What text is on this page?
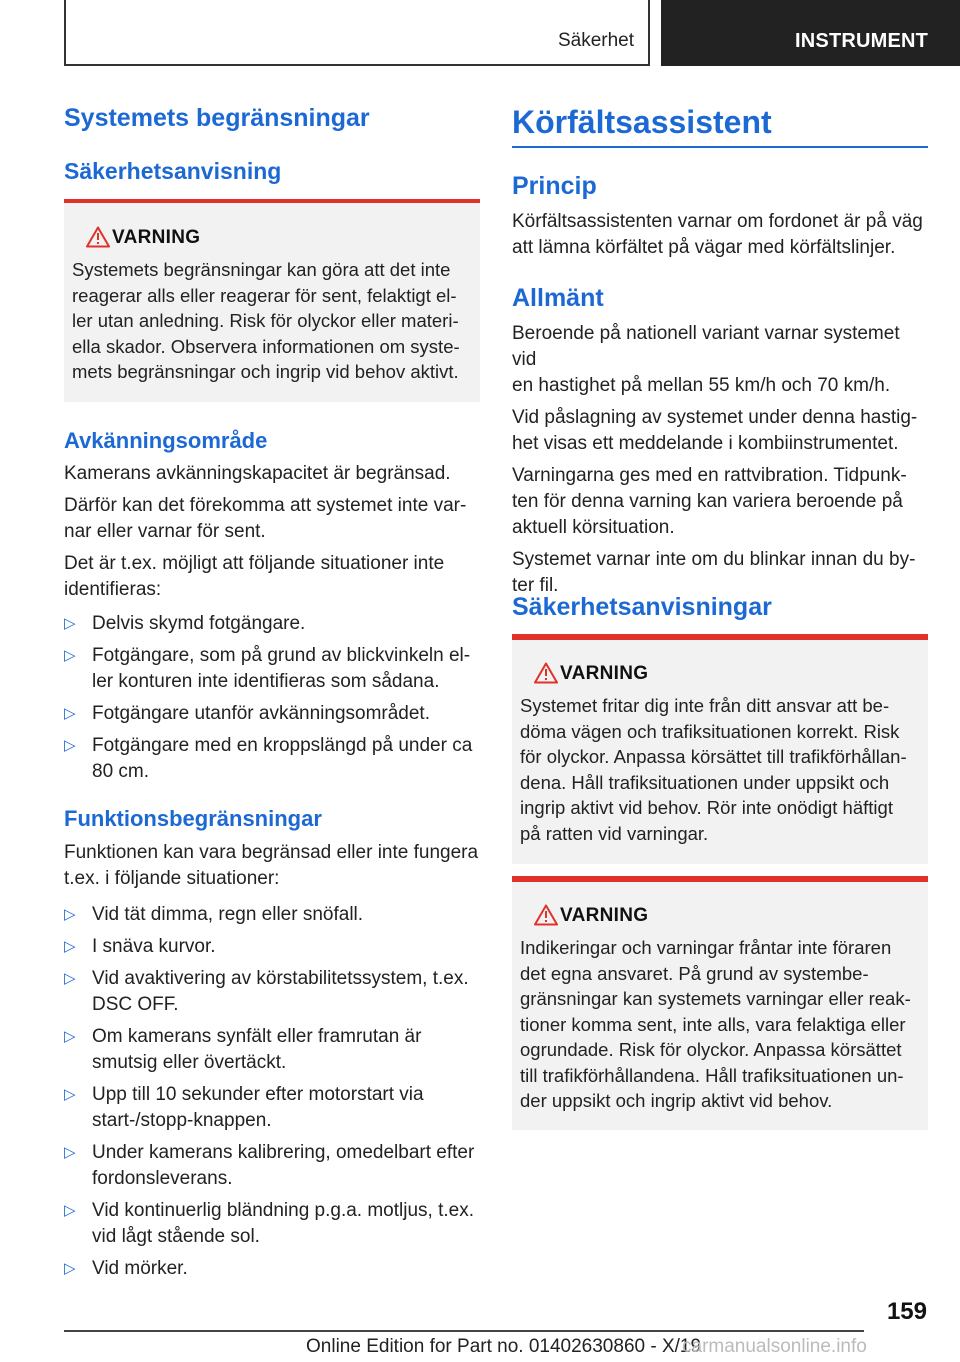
Säkerhet	INSTRUMENT
Systemets begränsningar
Säkerhetsanvisning
VARNING
Systemets begränsningar kan göra att det inte
reagerar alls eller reagerar för sent, felaktigt el-
ler utan anledning. Risk för olyckor eller materi-
ella skador. Observera informationen om syste-
mets begränsningar och ingrip vid behov aktivt.
Avkänningsområde
Kamerans avkänningskapacitet är begränsad.
Därför kan det förekomma att systemet inte var-
nar eller varnar för sent.
Det är t.ex. möjligt att följande situationer inte
identifieras:
▷ Delvis skymd fotgängare.
▷ Fotgängare, som på grund av blickvinkeln el-
ler konturen inte identifieras som sådana.
▷ Fotgängare utanför avkänningsområdet.
▷ Fotgängare med en kroppslängd på under ca
80 cm.
Funktionsbegränsningar
Funktionen kan vara begränsad eller inte fungera
t.ex. i följande situationer:
▷ Vid tät dimma, regn eller snöfall.
▷ I snäva kurvor.
▷ Vid avaktivering av körstabilitetssystem, t.ex.
DSC OFF.
▷ Om kamerans synfält eller framrutan är
smutsig eller övertäckt.
▷ Upp till 10 sekunder efter motorstart via
start-/stopp-knappen.
▷ Under kamerans kalibrering, omedelbart efter
fordonsleverans.
▷ Vid kontinuerlig bländning p.g.a. motljus, t.ex.
vid lågt stående sol.
▷ Vid mörker.
Körfältsassistent
Princip
Körfältsassistenten varnar om fordonet är på väg
att lämna körfältet på vägar med körfältslinjer.
Allmänt
Beroende på nationell variant varnar systemet vid
en hastighet på mellan 55 km/h och 70 km/h.
Vid påslagning av systemet under denna hastig-
het visas ett meddelande i kombiinstrumentet.
Varningarna ges med en rattvibration. Tidpunk-
ten för denna varning kan variera beroende på
aktuell körsituation.
Systemet varnar inte om du blinkar innan du by-
ter fil.
Säkerhetsanvisningar
VARNING
Systemet fritar dig inte från ditt ansvar att be-
döma vägen och trafiksituationen korrekt. Risk
för olyckor. Anpassa körsättet till trafikförhållan-
dena. Håll trafiksituationen under uppsikt och
ingrip aktivt vid behov. Rör inte onödigt häftigt
på ratten vid varningar.
VARNING
Indikeringar och varningar fråntar inte föraren
det egna ansvaret. På grund av systembe-
gränsningar kan systemets varningar eller reak-
tioner komma sent, inte alls, vara felaktiga eller
ogrundade. Risk för olyckor. Anpassa körsättet
till trafikförhållandena. Håll trafiksituationen un-
der uppsikt och ingrip aktivt vid behov.
159
Online Edition for Part no. 01402630860 - X/19
carmanualsonline.info
